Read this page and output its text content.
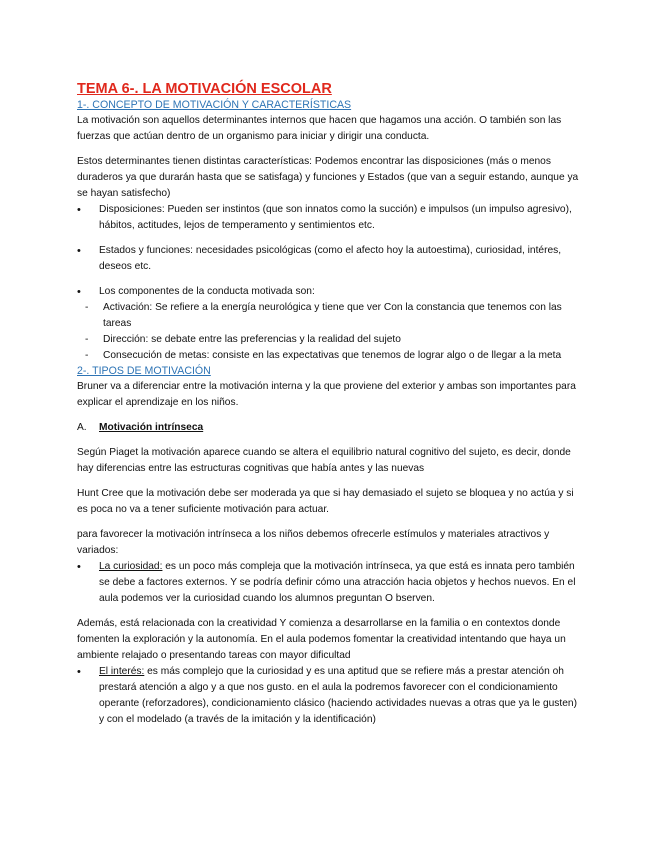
TEMA 6-. LA MOTIVACIÓN ESCOLAR
1-. CONCEPTO DE MOTIVACIÓN Y CARACTERÍSTICAS

La motivación son aquellos determinantes internos que hacen que hagamos una acción. O también son las fuerzas que actúan dentro de un organismo para iniciar y dirigir una conducta.

Estos determinantes tienen distintas características: Podemos encontrar las disposiciones (más o menos duraderos ya que durarán hasta que se satisfaga) y funciones y Estados (que van a seguir estando, aunque ya se hayan satisfecho)

• Disposiciones: Pueden ser instintos (que son innatos como la succión) e impulsos (un impulso agresivo), hábitos, actitudes, lejos de temperamento y sentimientos etc.
• Estados y funciones: necesidades psicológicas (como el afecto hoy la autoestima), curiosidad, intéres, deseos etc.
• Los componentes de la conducta motivada son:
- Activación: Se refiere a la energía neurológica y tiene que ver Con la constancia que tenemos con las tareas
- Dirección: se debate entre las preferencias y la realidad del sujeto
- Consecución de metas: consiste en las expectativas que tenemos de lograr algo o de llegar a la meta
2-. TIPOS DE MOTIVACIÓN

Bruner va a diferenciar entre la motivación interna y la que proviene del exterior y ambas son importantes para explicar el aprendizaje en los niños.

A. Motivación intrínseca

Según Piaget la motivación aparece cuando se altera el equilibrio natural cognitivo del sujeto, es decir, donde hay diferencias entre las estructuras cognitivas que había antes y las nuevas

Hunt Cree que la motivación debe ser moderada ya que si hay demasiado el sujeto se bloquea y no actúa y si es poca no va a tener suficiente motivación para actuar.

para favorecer la motivación intrínseca a los niños debemos ofrecerle estímulos y materiales atractivos y variados:

• La curiosidad: es un poco más compleja que la motivación intrínseca, ya que está es innata pero también se debe a factores externos. Y se podría definir cómo una atracción hacia objetos y hechos nuevos. En el aula podemos ver la curiosidad cuando los alumnos preguntan O bserven.

Además, está relacionada con la creatividad Y comienza a desarrollarse en la familia o en contextos donde fomenten la exploración y la autonomía. En el aula podemos fomentar la creatividad intentando que haya un ambiente relajado o presentando tareas con mayor dificultad

• El interés: es más complejo que la curiosidad y es una aptitud que se refiere más a prestar atención oh prestará atención a algo y a que nos gusto. en el aula la podremos favorecer con el condicionamiento operante (reforzadores), condicionamiento clásico (haciendo actividades nuevas a otras que ya le gusten) y con el modelado (a través de la imitación y la identificación)
